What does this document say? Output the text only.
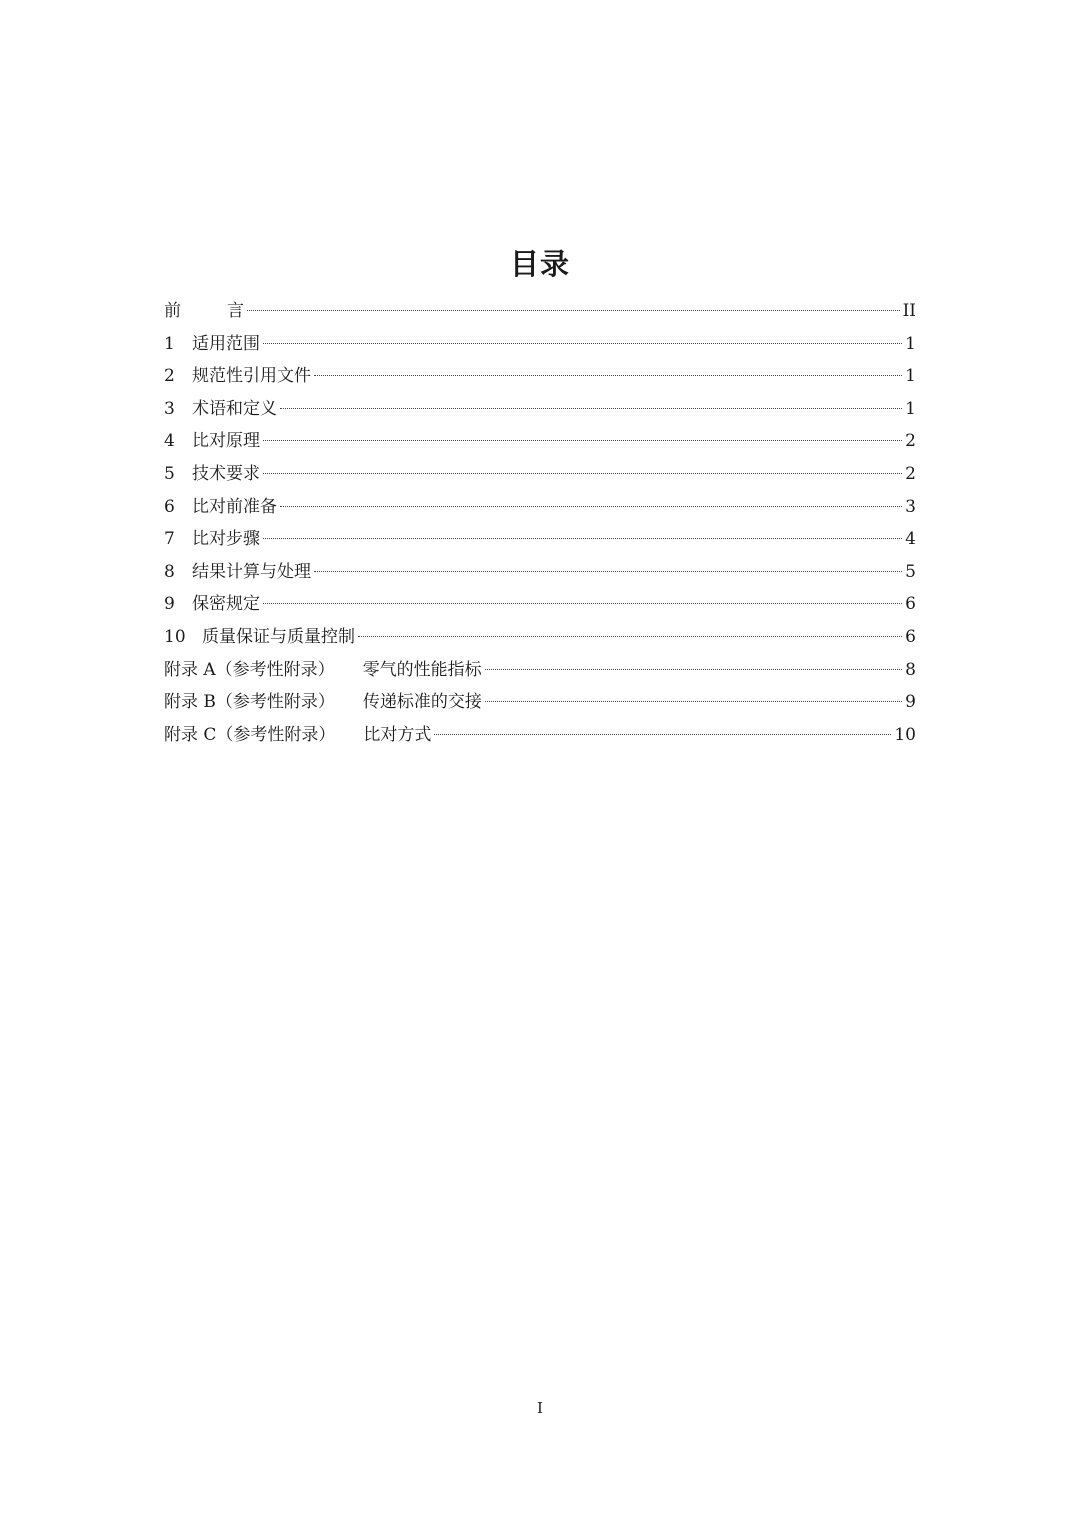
目录
前	言	II
1	适用范围	1
2	规范性引用文件	1
3	术语和定义	1
4	比对原理	2
5	技术要求	2
6	比对前准备	3
7	比对步骤	4
8	结果计算与处理	5
9	保密规定	6
10 质量保证与质量控制	6
附录 A（参考性附录） 零气的性能指标	8
附录 B（参考性附录） 传递标准的交接	9
附录 C（参考性附录） 比对方式	10
I
